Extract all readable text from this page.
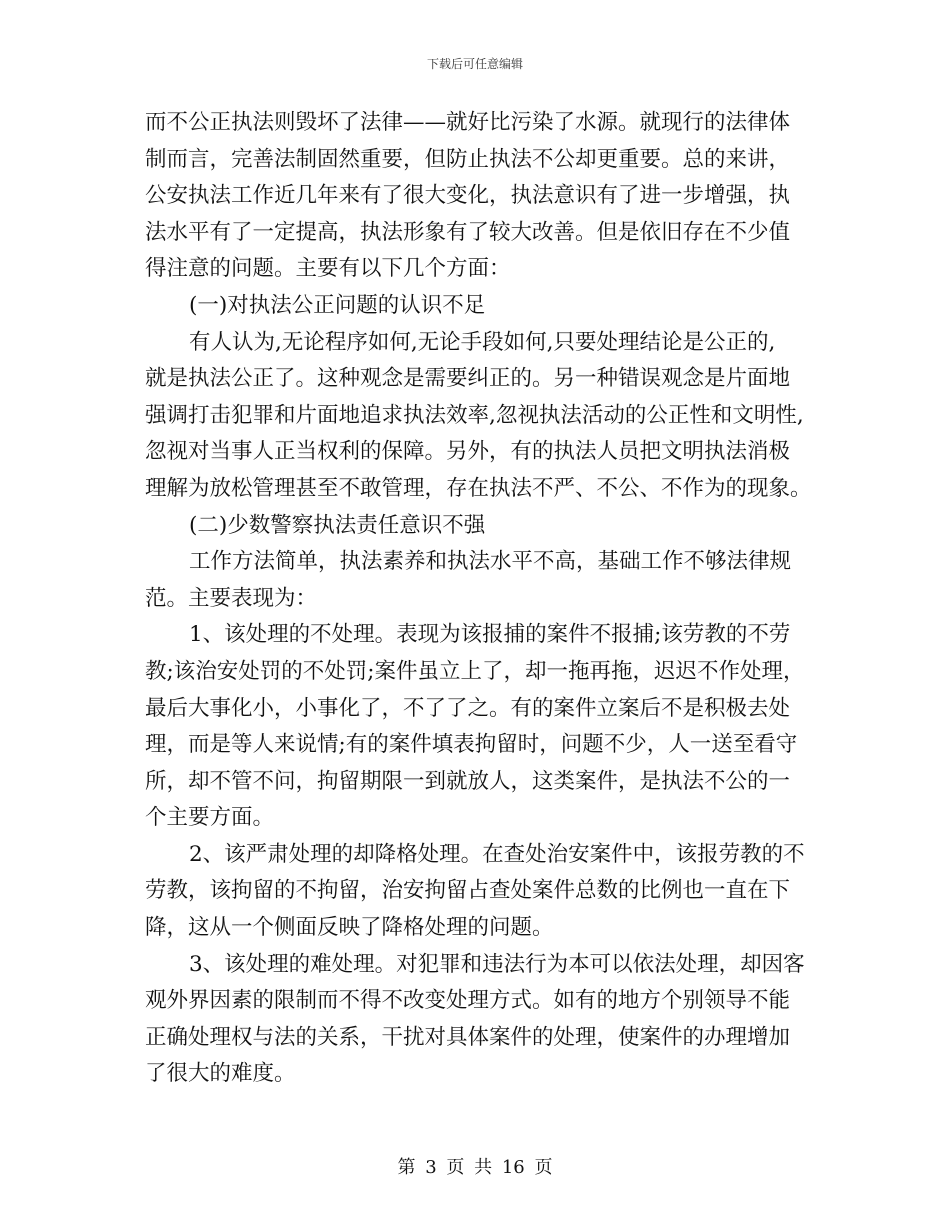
下载后可任意编辑
而不公正执法则毁坏了法律——就好比污染了水源。就现行的法律体
制而言，完善法制固然重要，但防止执法不公却更重要。总的来讲，
公安执法工作近几年来有了很大变化，执法意识有了进一步增强，执
法水平有了一定提高，执法形象有了较大改善。但是依旧存在不少值
得注意的问题。主要有以下几个方面：
(一)对执法公正问题的认识不足
有人认为,无论程序如何,无论手段如何,只要处理结论是公正的,
就是执法公正了。这种观念是需要纠正的。另一种错误观念是片面地
强调打击犯罪和片面地追求执法效率,忽视执法活动的公正性和文明性,
忽视对当事人正当权利的保障。另外，有的执法人员把文明执法消极
理解为放松管理甚至不敢管理，存在执法不严、不公、不作为的现象。
(二)少数警察执法责任意识不强
工作方法简单，执法素养和执法水平不高，基础工作不够法律规
范。主要表现为：
1、该处理的不处理。表现为该报捕的案件不报捕;该劳教的不劳
教;该治安处罚的不处罚;案件虽立上了，却一拖再拖，迟迟不作处理，
最后大事化小，小事化了，不了了之。有的案件立案后不是积极去处
理，而是等人来说情;有的案件填表拘留时，问题不少，人一送至看守
所，却不管不问，拘留期限一到就放人，这类案件，是执法不公的一
个主要方面。
2、该严肃处理的却降格处理。在查处治安案件中，该报劳教的不
劳教，该拘留的不拘留，治安拘留占查处案件总数的比例也一直在下
降，这从一个侧面反映了降格处理的问题。
3、该处理的难处理。对犯罪和违法行为本可以依法处理，却因客
观外界因素的限制而不得不改变处理方式。如有的地方个别领导不能
正确处理权与法的关系，干扰对具体案件的处理，使案件的办理增加
了很大的难度。
第 3 页 共 16 页
